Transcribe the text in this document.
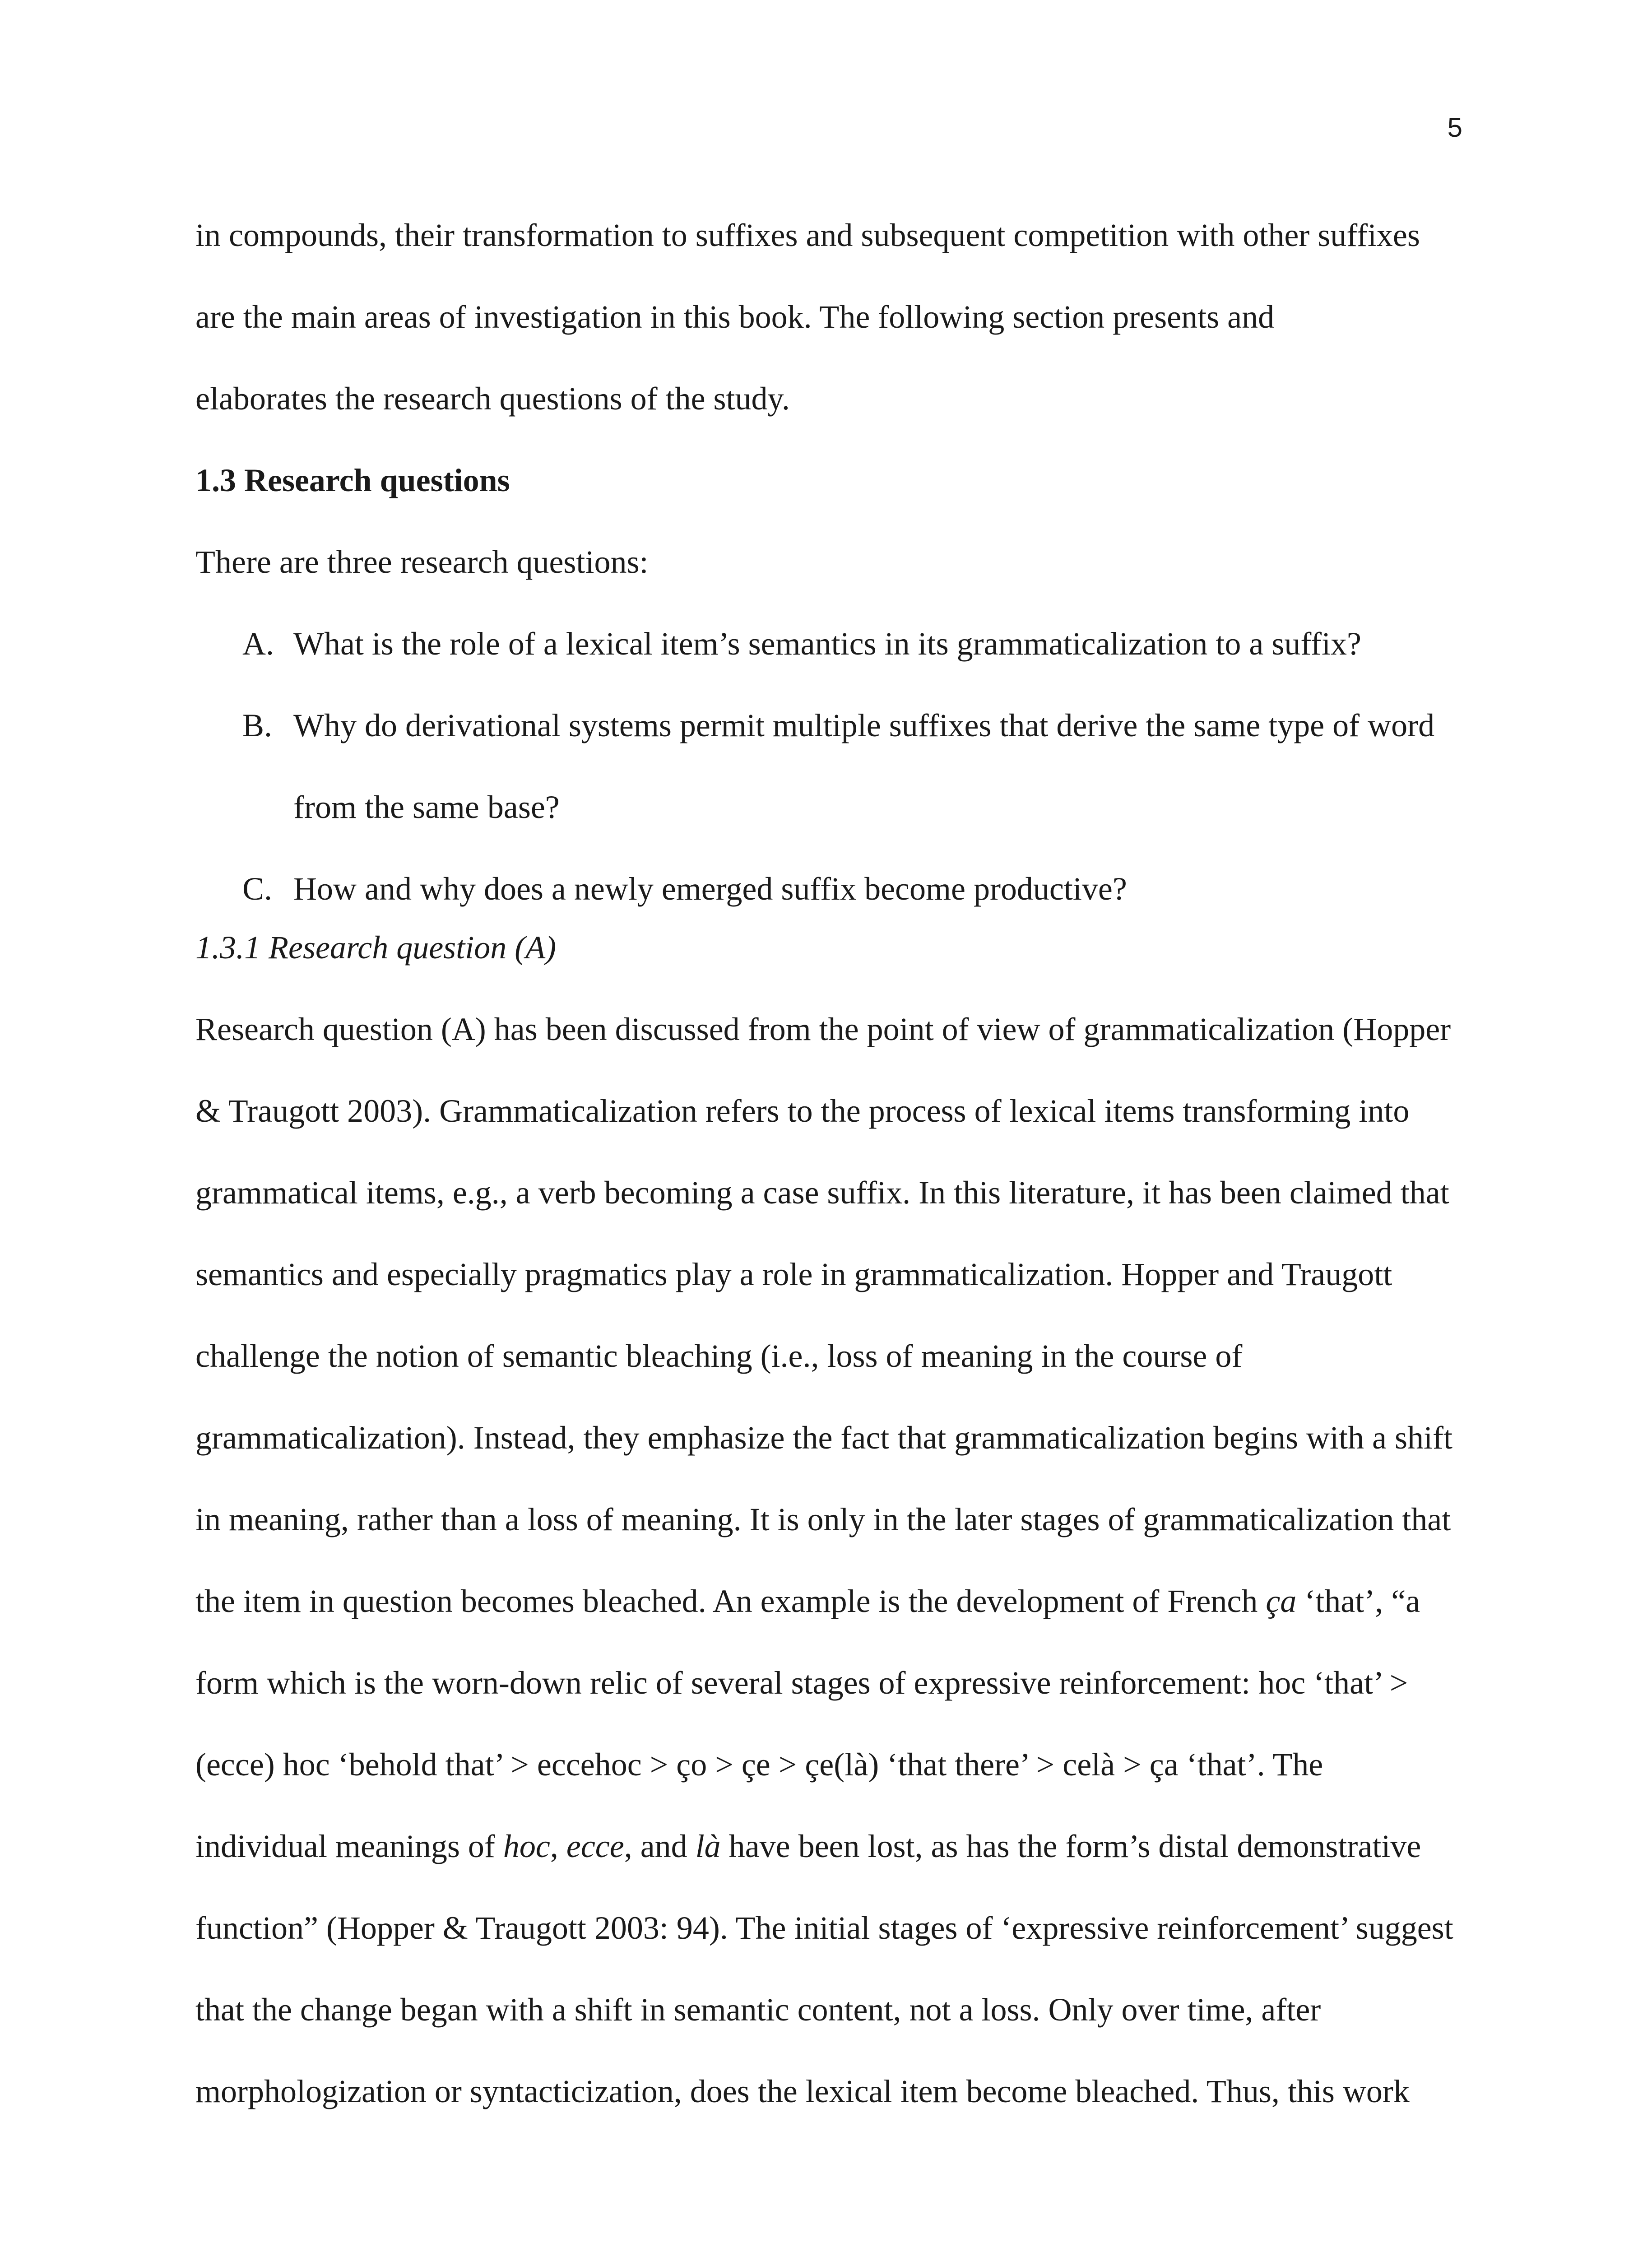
5
in compounds, their transformation to suffixes and subsequent competition with other suffixes
are the main areas of investigation in this book. The following section presents and
elaborates the research questions of the study.
1.3 Research questions
There are three research questions:
A. What is the role of a lexical item’s semantics in its grammaticalization to a suffix?
B. Why do derivational systems permit multiple suffixes that derive the same type of word
from the same base?
C. How and why does a newly emerged suffix become productive?
1.3.1 Research question (A)
Research question (A) has been discussed from the point of view of grammaticalization (Hopper
& Traugott 2003). Grammaticalization refers to the process of lexical items transforming into
grammatical items, e.g., a verb becoming a case suffix. In this literature, it has been claimed that
semantics and especially pragmatics play a role in grammaticalization. Hopper and Traugott
challenge the notion of semantic bleaching (i.e., loss of meaning in the course of
grammaticalization). Instead, they emphasize the fact that grammaticalization begins with a shift
in meaning, rather than a loss of meaning. It is only in the later stages of grammaticalization that
the item in question becomes bleached. An example is the development of French ça ‘that’, “a
form which is the worn-down relic of several stages of expressive reinforcement: hoc ‘that’ >
(ecce) hoc ‘behold that’ > eccehoc > ço > çe > çe(là) ‘that there’ > celà > ça ‘that’. The
individual meanings of hoc, ecce, and là have been lost, as has the form’s distal demonstrative
function” (Hopper & Traugott 2003: 94). The initial stages of ‘expressive reinforcement’ suggest
that the change began with a shift in semantic content, not a loss. Only over time, after
morphologization or syntacticization, does the lexical item become bleached. Thus, this work
